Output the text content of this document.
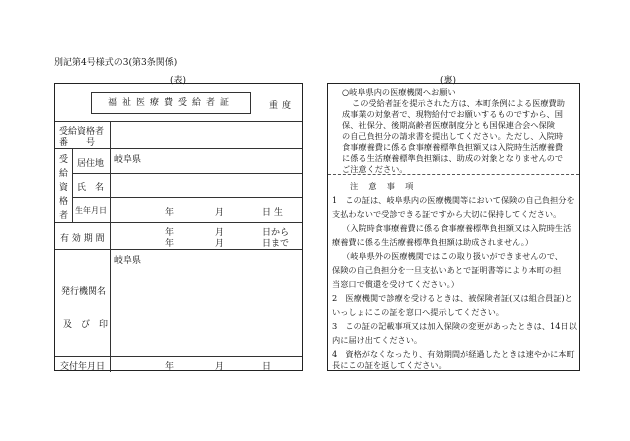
別記第4号様式の3(第3条関係)
(表)	(裏)
福祉医療費受給者証	重度
受給資格者
番　　号
受
給
資
格
者
居住地 岐阜県
氏　名
生年月日	年	月	日 生
有 効 期 間
年	月	日から
年	月	日まで
岐阜県
発行機関名
及　び　印
交付年月日	年	月	日
○岐阜県内の医療機関へお願い
この受給者証を提示された方は、本町条例による医療費助
成事業の対象者で、現物給付でお願いするものですから、国
保、社保分、後期高齢者医療制度分とも国保連合会へ保険
の自己負担分の請求書を提出してください。ただし、入院時
食事療養費に係る食事療養標準負担額又は入院時生活療養費
に係る生活療養標準負担額は、助成の対象となりませんので
ご注意ください。
注　意　事　項
1　この証は、岐阜県内の医療機関等において保険の自己負担分を
支払わないで受診できる証ですから大切に保持してください。
（入院時食事療養費に係る食事療養標準負担額又は入院時生活
療養費に係る生活療養標準負担額は助成されません。）
（岐阜県外の医療機関ではこの取り扱いができませんので、
保険の自己負担分を一旦支払いあとで証明書等により本町の担
当窓口で償還を受けてください。）
2　医療機関で診療を受けるときは、被保険者証(又は組合員証)と
いっしょにこの証を窓口へ提示してください。
3　この証の記載事項又は加入保険の変更があったときは、14日以
内に届け出てください。
4　資格がなくなったり、有効期間が経過したときは速やかに本町
長にこの証を返してください。
